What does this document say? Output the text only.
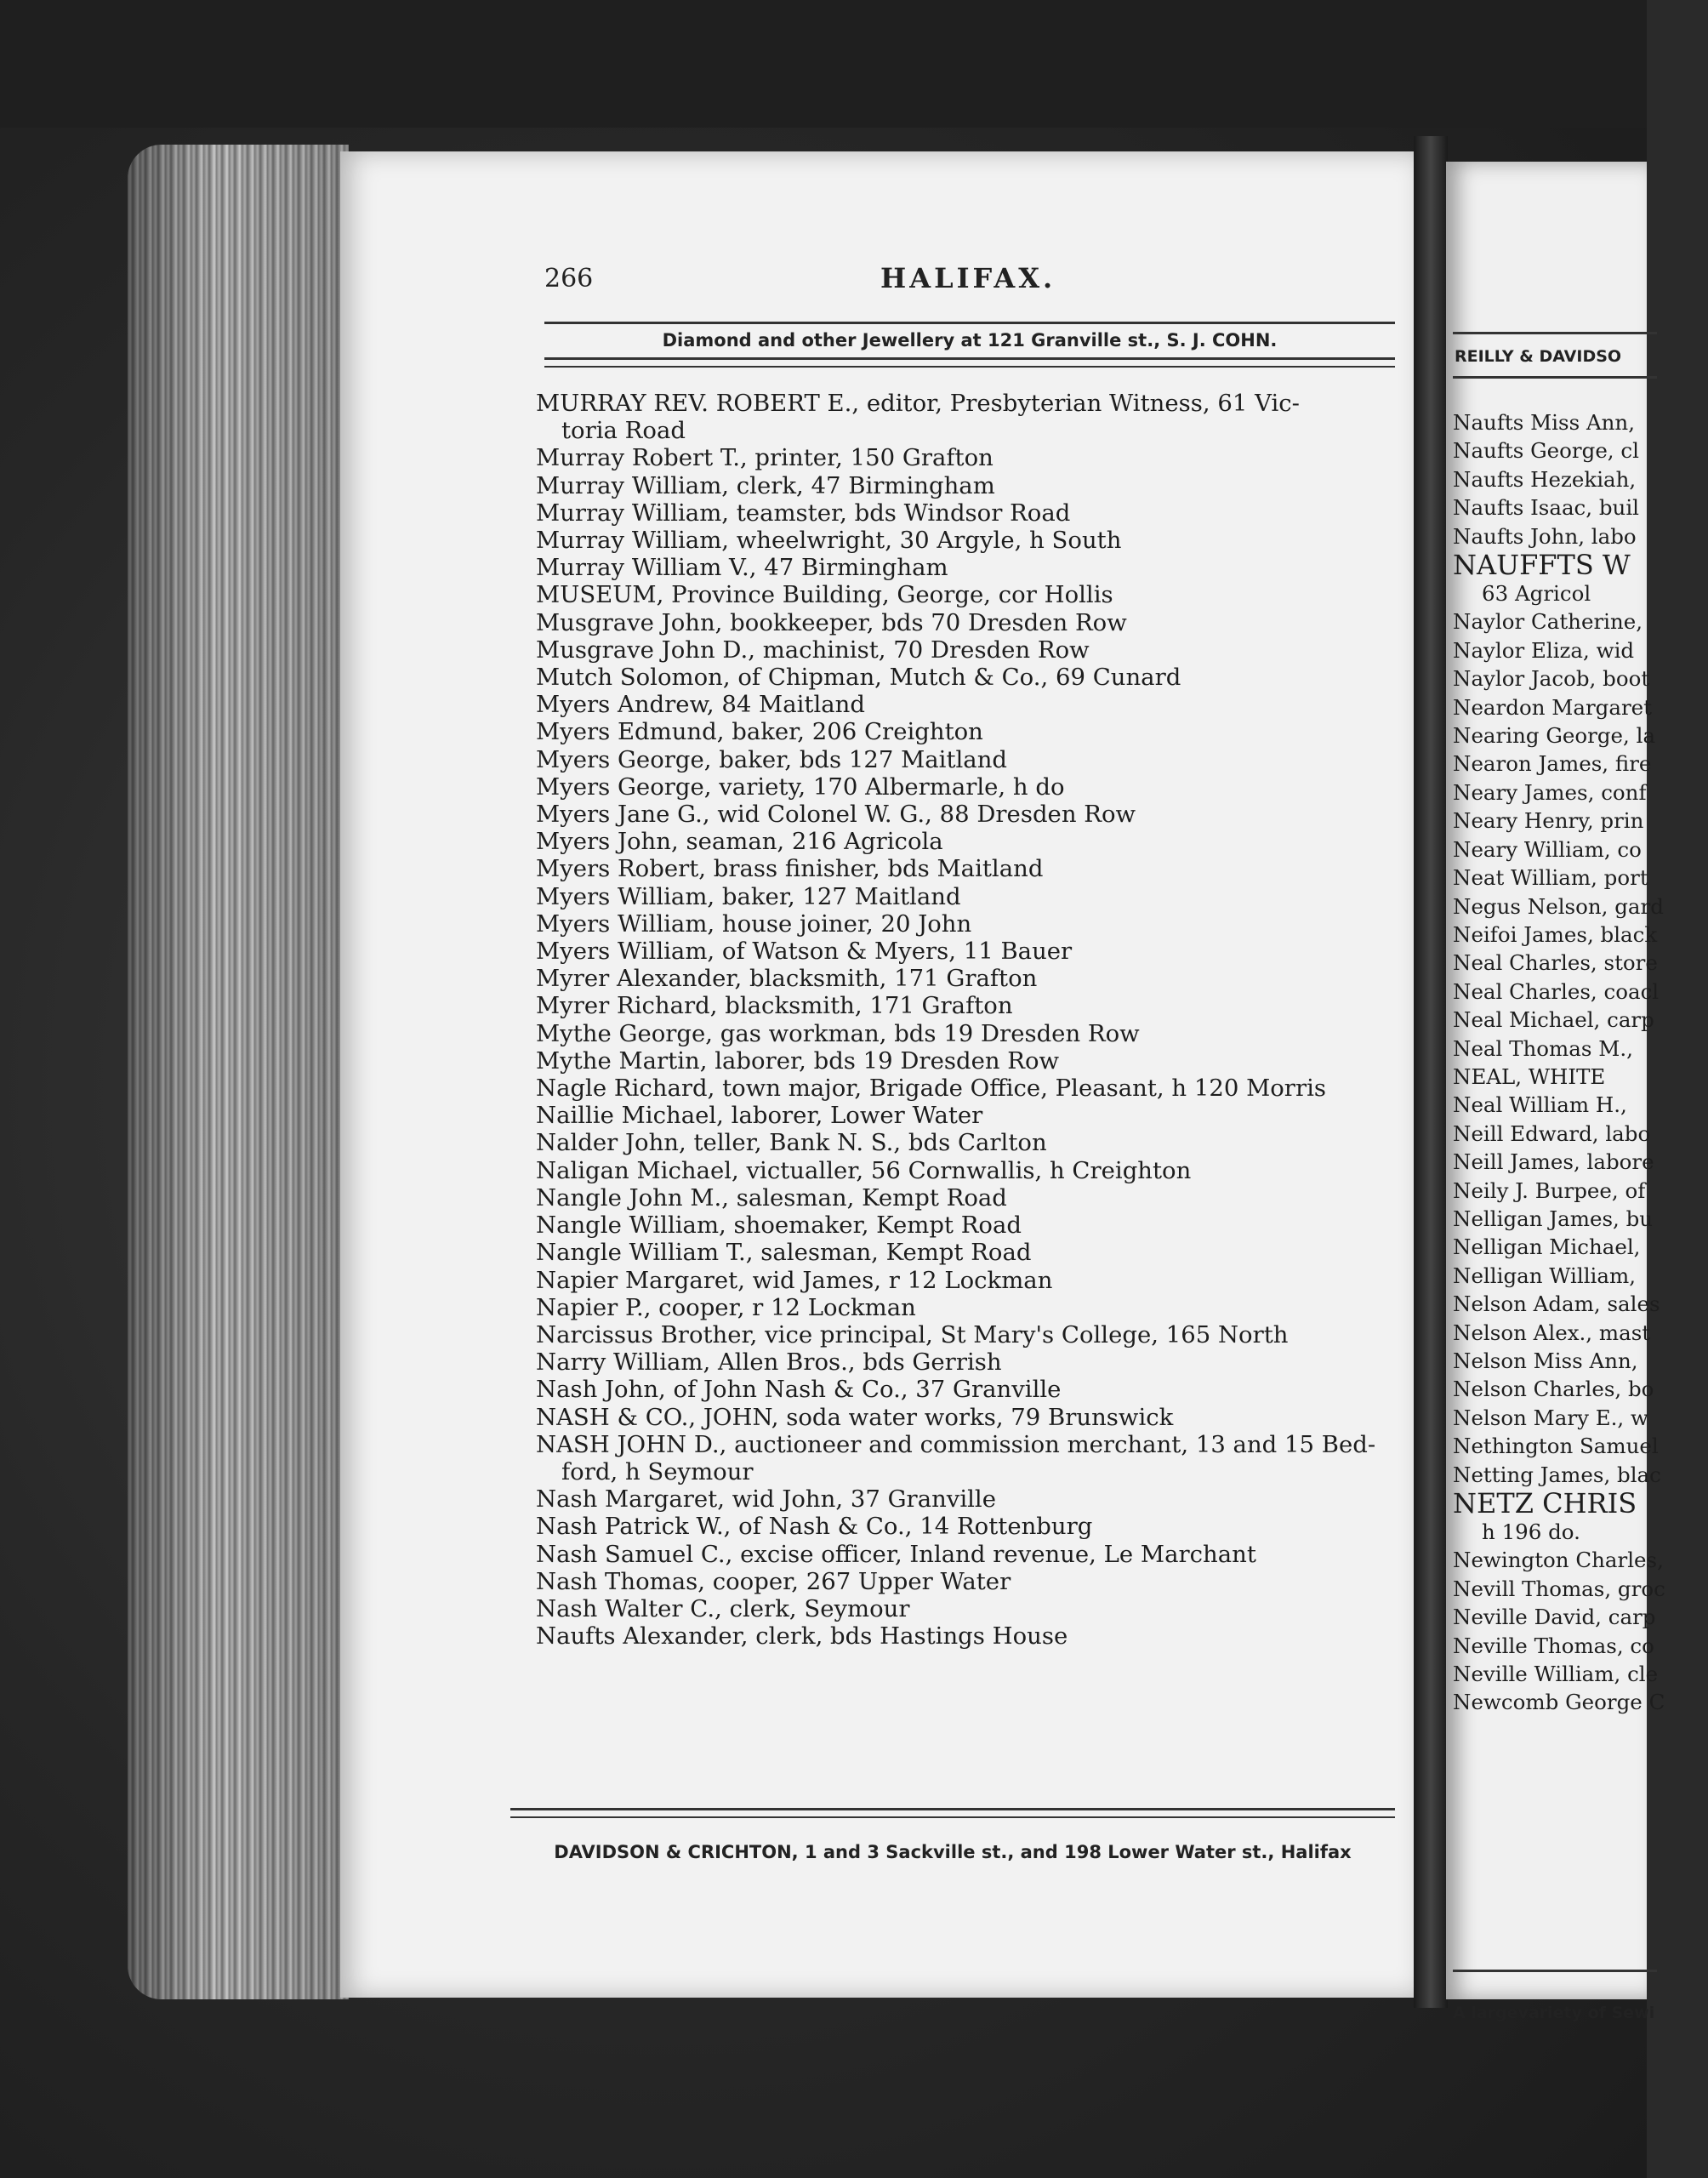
266	HALIFAX.
Diamond and other Jewellery at 121 Granville st., S. J. COHN.
MURRAY REV. ROBERT E., editor, Presbyterian Witness, 61 Vic-
toria Road
Murray Robert T., printer, 150 Grafton
Murray William, clerk, 47 Birmingham
Murray William, teamster, bds Windsor Road
Murray William, wheelwright, 30 Argyle, h South
Murray William V., 47 Birmingham
MUSEUM, Province Building, George, cor Hollis
Musgrave John, bookkeeper, bds 70 Dresden Row
Musgrave John D., machinist, 70 Dresden Row
Mutch Solomon, of Chipman, Mutch & Co., 69 Cunard
Myers Andrew, 84 Maitland
Myers Edmund, baker, 206 Creighton
Myers George, baker, bds 127 Maitland
Myers George, variety, 170 Albermarle, h do
Myers Jane G., wid Colonel W. G., 88 Dresden Row
Myers John, seaman, 216 Agricola
Myers Robert, brass finisher, bds Maitland
Myers William, baker, 127 Maitland
Myers William, house joiner, 20 John
Myers William, of Watson & Myers, 11 Bauer
Myrer Alexander, blacksmith, 171 Grafton
Myrer Richard, blacksmith, 171 Grafton
Mythe George, gas workman, bds 19 Dresden Row
Mythe Martin, laborer, bds 19 Dresden Row
Nagle Richard, town major, Brigade Office, Pleasant, h 120 Morris
Naillie Michael, laborer, Lower Water
Nalder John, teller, Bank N. S., bds Carlton
Naligan Michael, victualler, 56 Cornwallis, h Creighton
Nangle John M., salesman, Kempt Road
Nangle William, shoemaker, Kempt Road
Nangle William T., salesman, Kempt Road
Napier Margaret, wid James, r 12 Lockman
Napier P., cooper, r 12 Lockman
Narcissus Brother, vice principal, St Mary's College, 165 North
Narry William, Allen Bros., bds Gerrish
Nash John, of John Nash & Co., 37 Granville
NASH & CO., JOHN, soda water works, 79 Brunswick
NASH JOHN D., auctioneer and commission merchant, 13 and 15 Bed-
ford, h Seymour
Nash Margaret, wid John, 37 Granville
Nash Patrick W., of Nash & Co., 14 Rottenburg
Nash Samuel C., excise officer, Inland revenue, Le Marchant
Nash Thomas, cooper, 267 Upper Water
Nash Walter C., clerk, Seymour
Naufts Alexander, clerk, bds Hastings House
DAVIDSON & CRICHTON, 1 and 3 Sackville st., and 198 Lower Water st., Halifax
REILLY & DAVIDSO
Naufts Miss Ann,
Naufts George, cl
Naufts Hezekiah,
Naufts Isaac, buil
Naufts John, labo
NAUFFTS W
63 Agricol
Naylor Catherine,
Naylor Eliza, wid
Naylor Jacob, boot
Neardon Margaret
Nearing George, la
Nearon James, fire
Neary James, conf
Neary Henry, prin
Neary William, co
Neat William, port
Negus Nelson, gard
Neifoi James, black
Neal Charles, store
Neal Charles, coacl
Neal Michael, carp
Neal Thomas M.,
NEAL, WHITE
Neal William H.,
Neill Edward, labo
Neill James, labore
Neily J. Burpee, of
Nelligan James, bu
Nelligan Michael,
Nelligan William,
Nelson Adam, sales
Nelson Alex., mast
Nelson Miss Ann,
Nelson Charles, bo
Nelson Mary E., w
Nethington Samuel
Netting James, blac
NETZ CHRIS
h 196 do.
Newington Charles,
Nevill Thomas, groc
Neville David, carp
Neville Thomas, co
Neville William, cle
Newcomb George C
A largevariety of Sewi
